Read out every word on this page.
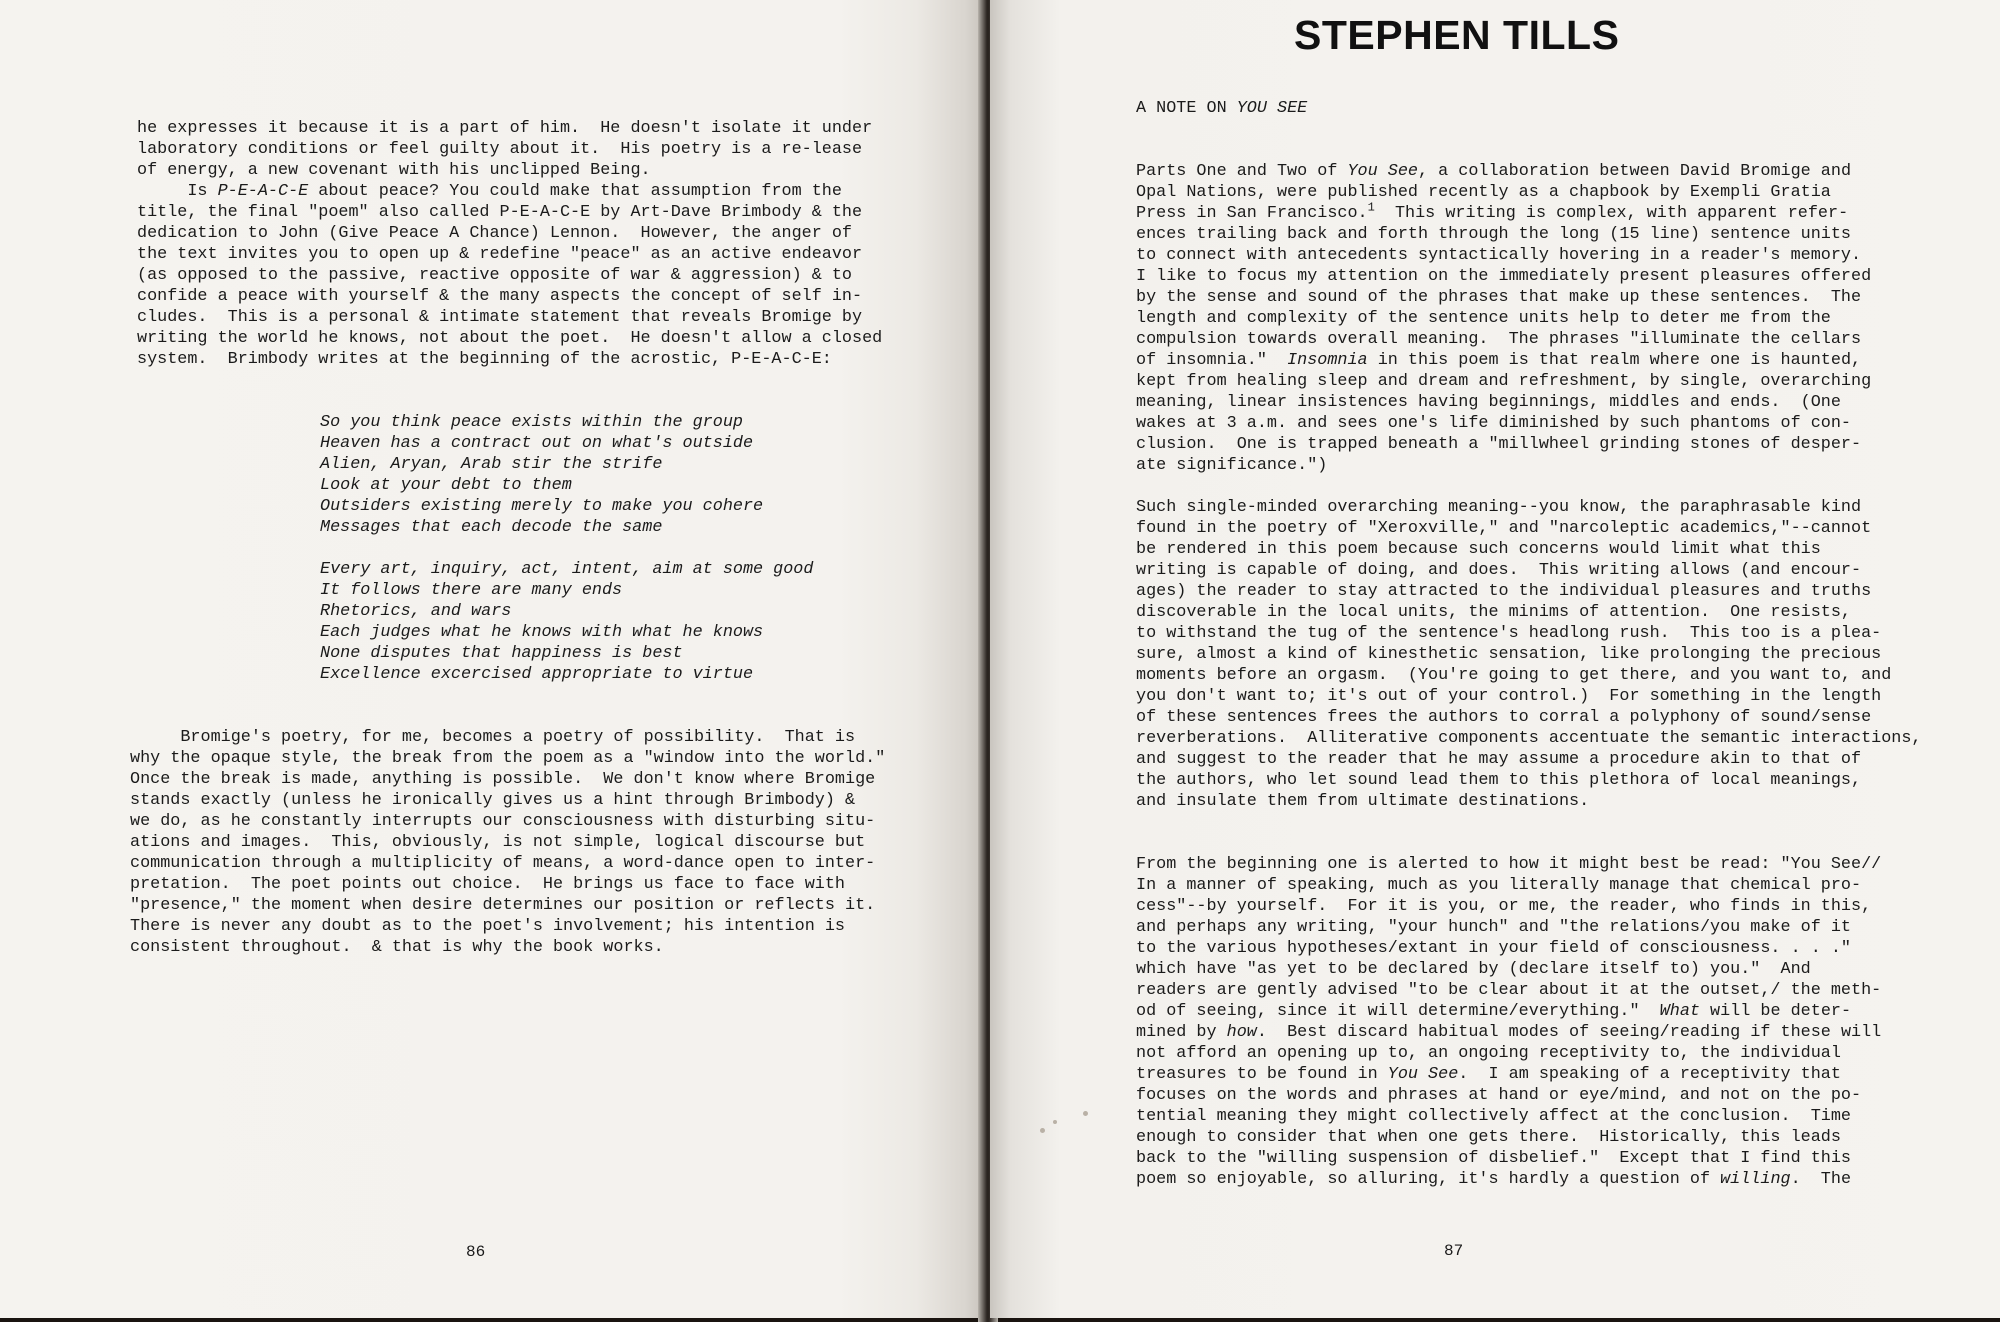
he expresses it because it is a part of him.  He doesn't isolate it under
laboratory conditions or feel guilty about it.  His poetry is a re-lease
of energy, a new covenant with his unclipped Being.
Is P-E-A-C-E about peace? You could make that assumption from the
title, the final "poem" also called P-E-A-C-E by Art-Dave Brimbody & the
dedication to John (Give Peace A Chance) Lennon.  However, the anger of
the text invites you to open up & redefine "peace" as an active endeavor
(as opposed to the passive, reactive opposite of war & aggression) & to
confide a peace with yourself & the many aspects the concept of self in-
cludes.  This is a personal & intimate statement that reveals Bromige by
writing the world he knows, not about the poet.  He doesn't allow a closed
system.  Brimbody writes at the beginning of the acrostic, P-E-A-C-E:
So you think peace exists within the group
Heaven has a contract out on what's outside
Alien, Aryan, Arab stir the strife
Look at your debt to them
Outsiders existing merely to make you cohere
Messages that each decode the same
Every art, inquiry, act, intent, aim at some good
It follows there are many ends
Rhetorics, and wars
Each judges what he knows with what he knows
None disputes that happiness is best
Excellence excercised appropriate to virtue
Bromige's poetry, for me, becomes a poetry of possibility.  That is
why the opaque style, the break from the poem as a "window into the world."
Once the break is made, anything is possible.  We don't know where Bromige
stands exactly (unless he ironically gives us a hint through Brimbody) &
we do, as he constantly interrupts our consciousness with disturbing situ-
ations and images.  This, obviously, is not simple, logical discourse but
communication through a multiplicity of means, a word-dance open to inter-
pretation.  The poet points out choice.  He brings us face to face with
"presence," the moment when desire determines our position or reflects it.
There is never any doubt as to the poet's involvement; his intention is
consistent throughout.  & that is why the book works.
86
A NOTE ON YOU SEE
Parts One and Two of You See, a collaboration between David Bromige and
Opal Nations, were published recently as a chapbook by Exempli Gratia
Press in San Francisco.$^1$  This writing is complex, with apparent refer-
ences trailing back and forth through the long (15 line) sentence units
to connect with antecedents syntactically hovering in a reader's memory.
I like to focus my attention on the immediately present pleasures offered
by the sense and sound of the phrases that make up these sentences.  The
length and complexity of the sentence units help to deter me from the
compulsion towards overall meaning.  The phrases "illuminate the cellars
of insomnia."  Insomnia in this poem is that realm where one is haunted,
kept from healing sleep and dream and refreshment, by single, overarching
meaning, linear insistences having beginnings, middles and ends.  (One
wakes at 3 a.m. and sees one's life diminished by such phantoms of con-
clusion.  One is trapped beneath a "millwheel grinding stones of desper-
ate significance.")
Such single-minded overarching meaning--you know, the paraphrasable kind
found in the poetry of "Xeroxville," and "narcoleptic academics,"--cannot
be rendered in this poem because such concerns would limit what this
writing is capable of doing, and does.  This writing allows (and encour-
ages) the reader to stay attracted to the individual pleasures and truths
discoverable in the local units, the minims of attention.  One resists,
to withstand the tug of the sentence's headlong rush.  This too is a plea-
sure, almost a kind of kinesthetic sensation, like prolonging the precious
moments before an orgasm.  (You're going to get there, and you want to, and
you don't want to; it's out of your control.)  For something in the length
of these sentences frees the authors to corral a polyphony of sound/sense
reverberations.  Alliterative components accentuate the semantic interactions,
and suggest to the reader that he may assume a procedure akin to that of
the authors, who let sound lead them to this plethora of local meanings,
and insulate them from ultimate destinations.
From the beginning one is alerted to how it might best be read: "You See//
In a manner of speaking, much as you literally manage that chemical pro-
cess"--by yourself.  For it is you, or me, the reader, who finds in this,
and perhaps any writing, "your hunch" and "the relations/you make of it
to the various hypotheses/extant in your field of consciousness. . . ."
which have "as yet to be declared by (declare itself to) you."  And
readers are gently advised "to be clear about it at the outset,/ the meth-
od of seeing, since it will determine/everything."  What will be deter-
mined by how.  Best discard habitual modes of seeing/reading if these will
not afford an opening up to, an ongoing receptivity to, the individual
treasures to be found in You See.  I am speaking of a receptivity that
focuses on the words and phrases at hand or eye/mind, and not on the po-
tential meaning they might collectively affect at the conclusion.  Time
enough to consider that when one gets there.  Historically, this leads
back to the "willing suspension of disbelief."  Except that I find this
poem so enjoyable, so alluring, it's hardly a question of willing.  The
87
STEPHEN TILLS
